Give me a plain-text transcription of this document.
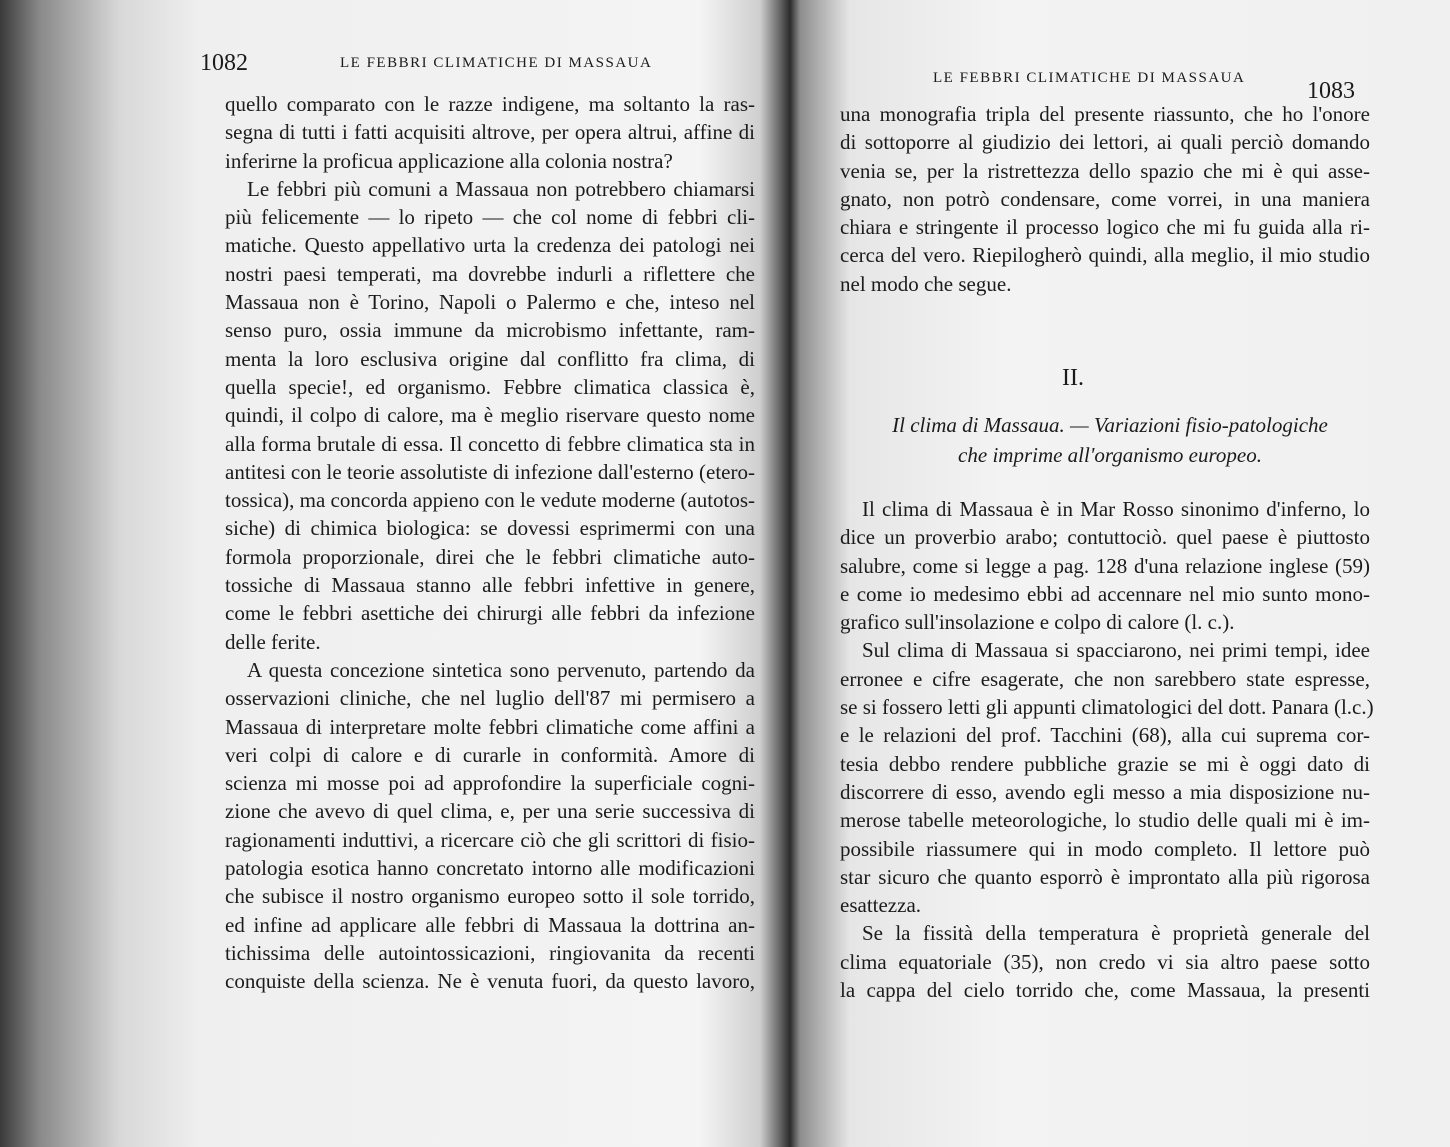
1082	LE FEBBRI CLIMATICHE DI MASSAUA
quello comparato con le razze indigene, ma soltanto la ras-
segna di tutti i fatti acquisiti altrove, per opera altrui, affine di
inferirne la proficua applicazione alla colonia nostra?
Le febbri più comuni a Massaua non potrebbero chiamarsi
più felicemente — lo ripeto — che col nome di febbri cli-
matiche. Questo appellativo urta la credenza dei patologi nei
nostri paesi temperati, ma dovrebbe indurli a riflettere che
Massaua non è Torino, Napoli o Palermo e che, inteso nel
senso puro, ossia immune da microbismo infettante, ram-
menta la loro esclusiva origine dal conflitto fra clima, di
quella specie!, ed organismo. Febbre climatica classica è,
quindi, il colpo di calore, ma è meglio riservare questo nome
alla forma brutale di essa. Il concetto di febbre climatica sta in
antitesi con le teorie assolutiste di infezione dall'esterno (etero-
tossica), ma concorda appieno con le vedute moderne (autotos-
siche) di chimica biologica: se dovessi esprimermi con una
formola proporzionale, direi che le febbri climatiche auto-
tossiche di Massaua stanno alle febbri infettive in genere,
come le febbri asettiche dei chirurgi alle febbri da infezione
delle ferite.
A questa concezione sintetica sono pervenuto, partendo da
osservazioni cliniche, che nel luglio dell'87 mi permisero a
Massaua di interpretare molte febbri climatiche come affini a
veri colpi di calore e di curarle in conformità. Amore di
scienza mi mosse poi ad approfondire la superficiale cogni-
zione che avevo di quel clima, e, per una serie successiva di
ragionamenti induttivi, a ricercare ciò che gli scrittori di fisio-
patologia esotica hanno concretato intorno alle modificazioni
che subisce il nostro organismo europeo sotto il sole torrido,
ed infine ad applicare alle febbri di Massaua la dottrina an-
tichissima delle autointossicazioni, ringiovanita da recenti
conquiste della scienza. Ne è venuta fuori, da questo lavoro,
LE FEBBRI CLIMATICHE DI MASSAUA	1083
una monografia tripla del presente riassunto, che ho l'onore
di sottoporre al giudizio dei lettori, ai quali perciò domando
venia se, per la ristrettezza dello spazio che mi è qui asse-
gnato, non potrò condensare, come vorrei, in una maniera
chiara e stringente il processo logico che mi fu guida alla ri-
cerca del vero. Riepilogherò quindi, alla meglio, il mio studio
nel modo che segue.
II.
Il clima di Massaua. — Variazioni fisio-patologiche
che imprime all'organismo europeo.
Il clima di Massaua è in Mar Rosso sinonimo d'inferno, lo
dice un proverbio arabo; contuttociò. quel paese è piuttosto
salubre, come si legge a pag. 128 d'una relazione inglese (59)
e come io medesimo ebbi ad accennare nel mio sunto mono-
grafico sull'insolazione e colpo di calore (l. c.).
Sul clima di Massaua si spacciarono, nei primi tempi, idee
erronee e cifre esagerate, che non sarebbero state espresse,
se si fossero letti gli appunti climatologici del dott. Panara (l.c.)
e le relazioni del prof. Tacchini (68), alla cui suprema cor-
tesia debbo rendere pubbliche grazie se mi è oggi dato di
discorrere di esso, avendo egli messo a mia disposizione nu-
merose tabelle meteorologiche, lo studio delle quali mi è im-
possibile riassumere qui in modo completo. Il lettore può
star sicuro che quanto esporrò è improntato alla più rigorosa
esattezza.
Se la fissità della temperatura è proprietà generale del
clima equatoriale (35), non credo vi sia altro paese sotto
la cappa del cielo torrido che, come Massaua, la presenti
